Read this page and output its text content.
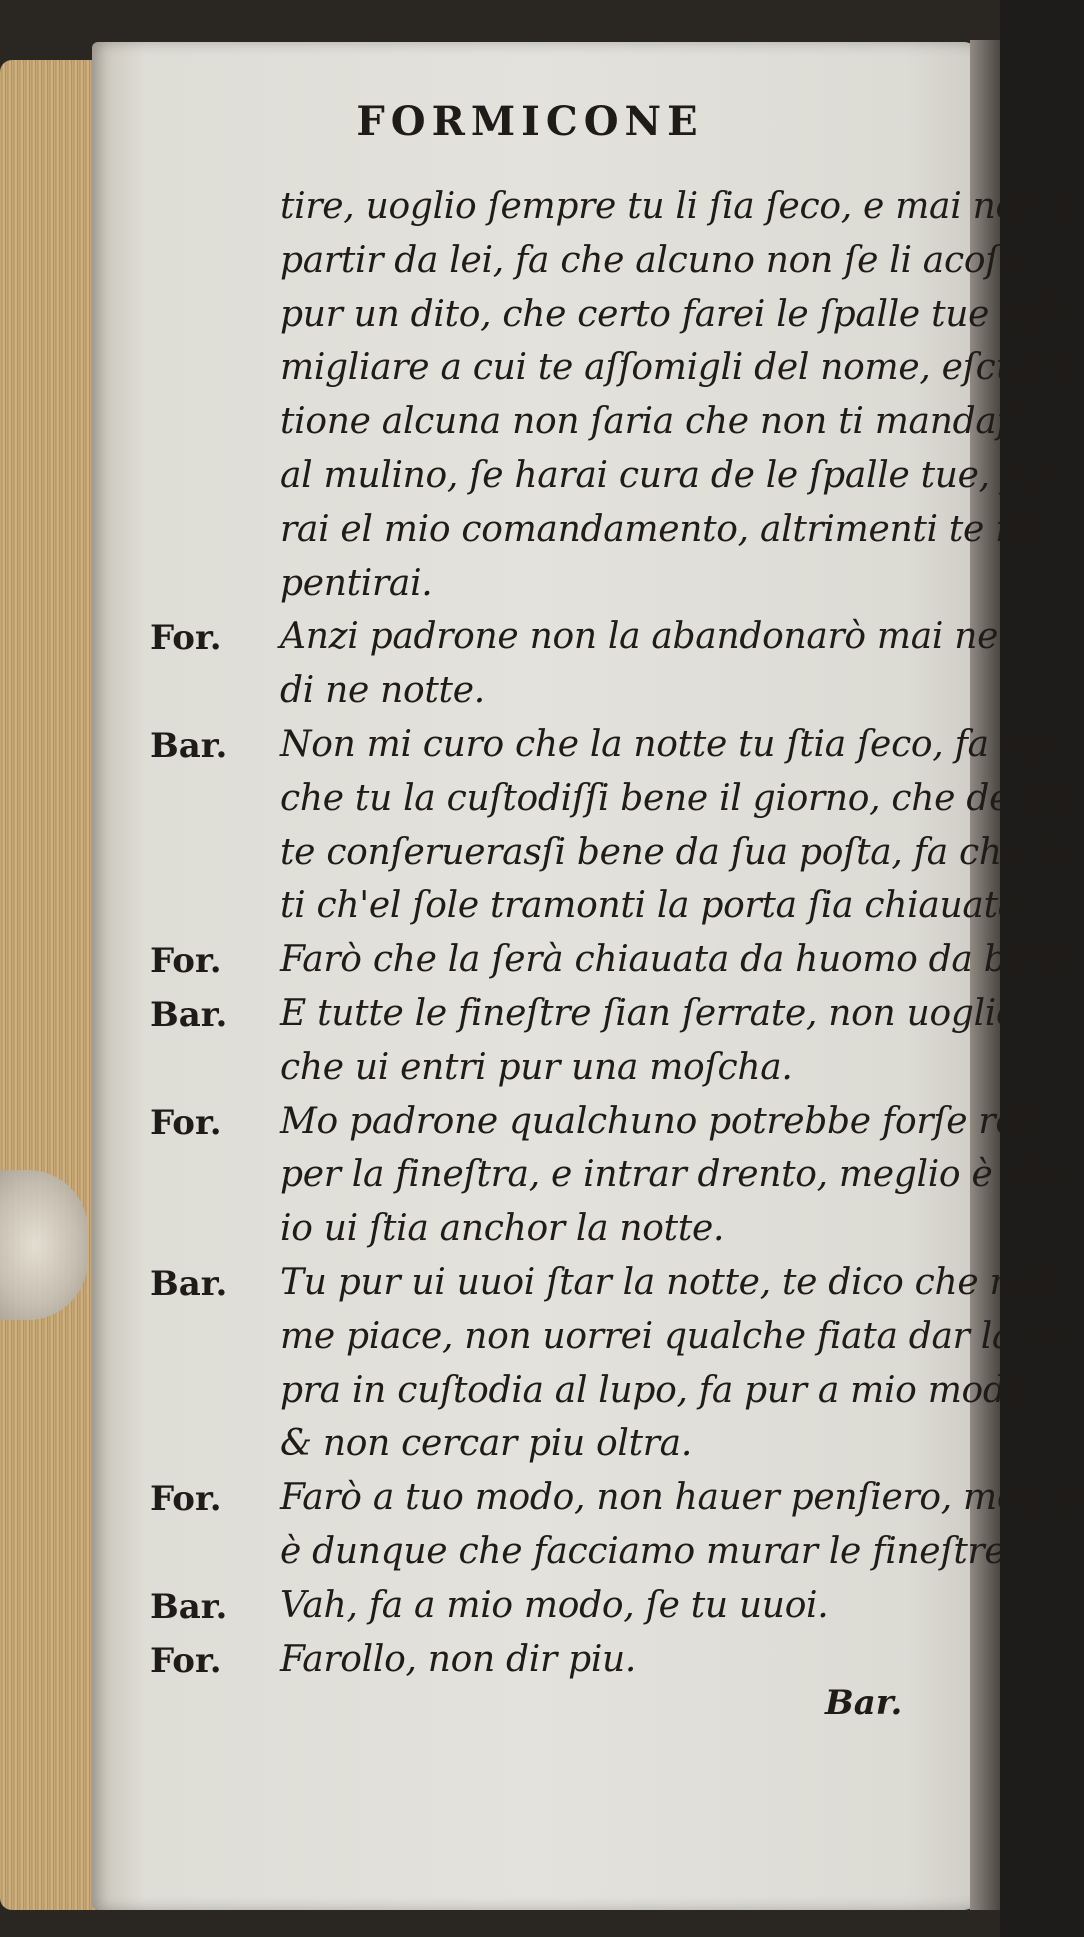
FORMICONE
tire, uoglio ſempre tu li ſia ſeco, e mai non ti
partir da lei, fa che alcuno non ſe li acoſte
pur un dito, che certo farei le ſpalle tue aſſo
migliare a cui te aſſomigli del nome, eſcuſa=
tione alcuna non ſaria che non ti mandaſſi
al mulino, ſe harai cura de le ſpalle tue, fa=
rai el mio comandamento, altrimenti te ne
pentirai.
For.	Anzi padrone non la abandonarò mai ne
di ne notte.
Bar.	Non mi curo che la notte tu ſtia ſeco, fa pur
che tu la cuſtodiſſi bene il giorno, che de not
te conſeruerasſi bene da ſua poſta, fa che nã
ti ch'el ſole tramonti la porta ſia chiauata.
For.	Farò che la ſerà chiauata da huomo da bene
Bar.	E tutte le fineſtre ſian ſerrate, non uoglio
che ui entri pur una moſcha.
For.	Mo padrone qualchuno potrebbe forſe rom
per la fineſtra, e intrar drento, meglio è che
io ui ſtia anchor la notte.
Bar.	Tu pur ui uuoi ſtar la notte, te dico che non
me piace, non uorrei qualche fiata dar la ca
pra in cuſtodia al lupo, fa pur a mio modo
& non cercar piu oltra.
For.	Farò a tuo modo, non hauer penſiero, meglio
è dunque che facciamo murar le fineſtre.
Bar.	Vah, fa a mio modo, ſe tu uuoi.
For.	Farollo, non dir piu.
Bar.
